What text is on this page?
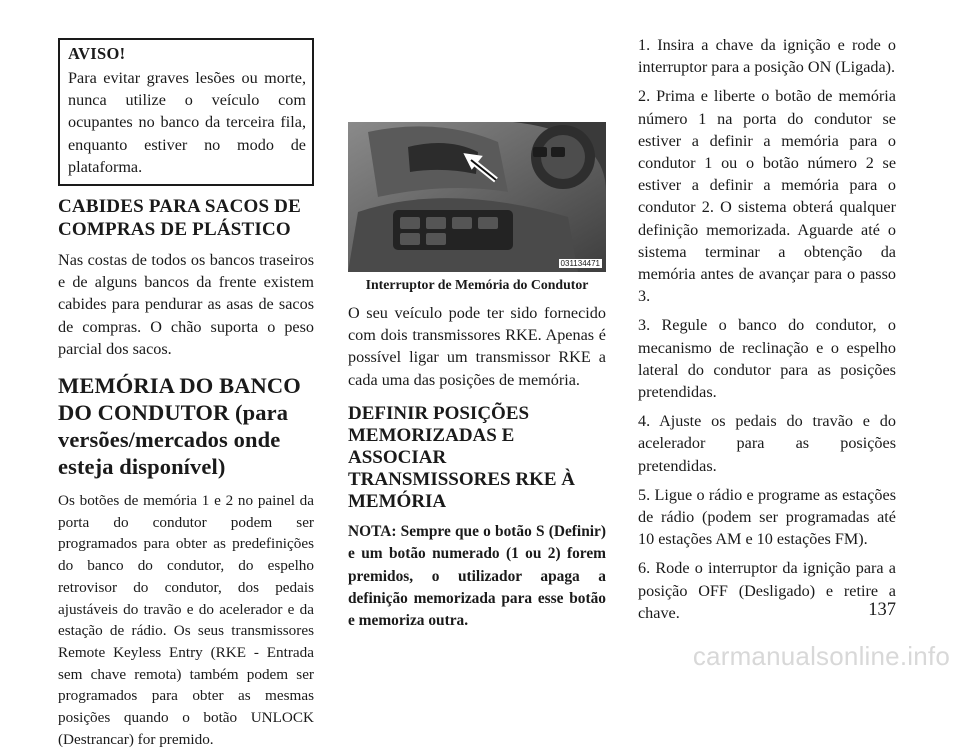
AVISO!

Para evitar graves lesões ou morte, nunca utilize o veículo com ocupantes no banco da terceira fila, enquanto estiver no modo de plataforma.

CABIDES PARA SACOS DE COMPRAS DE PLÁSTICO

Nas costas de todos os bancos traseiros e de alguns bancos da frente existem cabides para pendurar as asas de sacos de compras. O chão suporta o peso parcial dos sacos.

MEMÓRIA DO BANCO DO CONDUTOR (para versões/mercados onde esteja disponível)

Os botões de memória 1 e 2 no painel da porta do condutor podem ser programados para obter as predefinições do banco do condutor, do espelho retrovisor do condutor, dos pedais ajustáveis do travão e do acelerador e da estação de rádio. Os seus transmissores Remote Keyless Entry (RKE - Entrada sem chave remota) também podem ser programados para obter as mesmas posições quando o botão UNLOCK (Destrancar) for premido.

031134471

Interruptor de Memória do Condutor

O seu veículo pode ter sido fornecido com dois transmissores RKE. Apenas é possível ligar um transmissor RKE a cada uma das posições de memória.

DEFINIR POSIÇÕES MEMORIZADAS E ASSOCIAR TRANSMISSORES RKE À MEMÓRIA

NOTA: Sempre que o botão S (Definir) e um botão numerado (1 ou 2) forem premidos, o utilizador apaga a definição memorizada para esse botão e memoriza outra.

1. Insira a chave da ignição e rode o interruptor para a posição ON (Ligada).

2. Prima e liberte o botão de memória número 1 na porta do condutor se estiver a definir a memória para o condutor 1 ou o botão número 2 se estiver a definir a memória para o condutor 2. O sistema obterá qualquer definição memorizada. Aguarde até o sistema terminar a obtenção da memória antes de avançar para o passo 3.

3. Regule o banco do condutor, o mecanismo de reclinação e o espelho lateral do condutor para as posições pretendidas.

4. Ajuste os pedais do travão e do acelerador para as posições pretendidas.

5. Ligue o rádio e programe as estações de rádio (podem ser programadas até 10 estações AM e 10 estações FM).

6. Rode o interruptor da ignição para a posição OFF (Desligado) e retire a chave.	137
carmanualsonline.info
